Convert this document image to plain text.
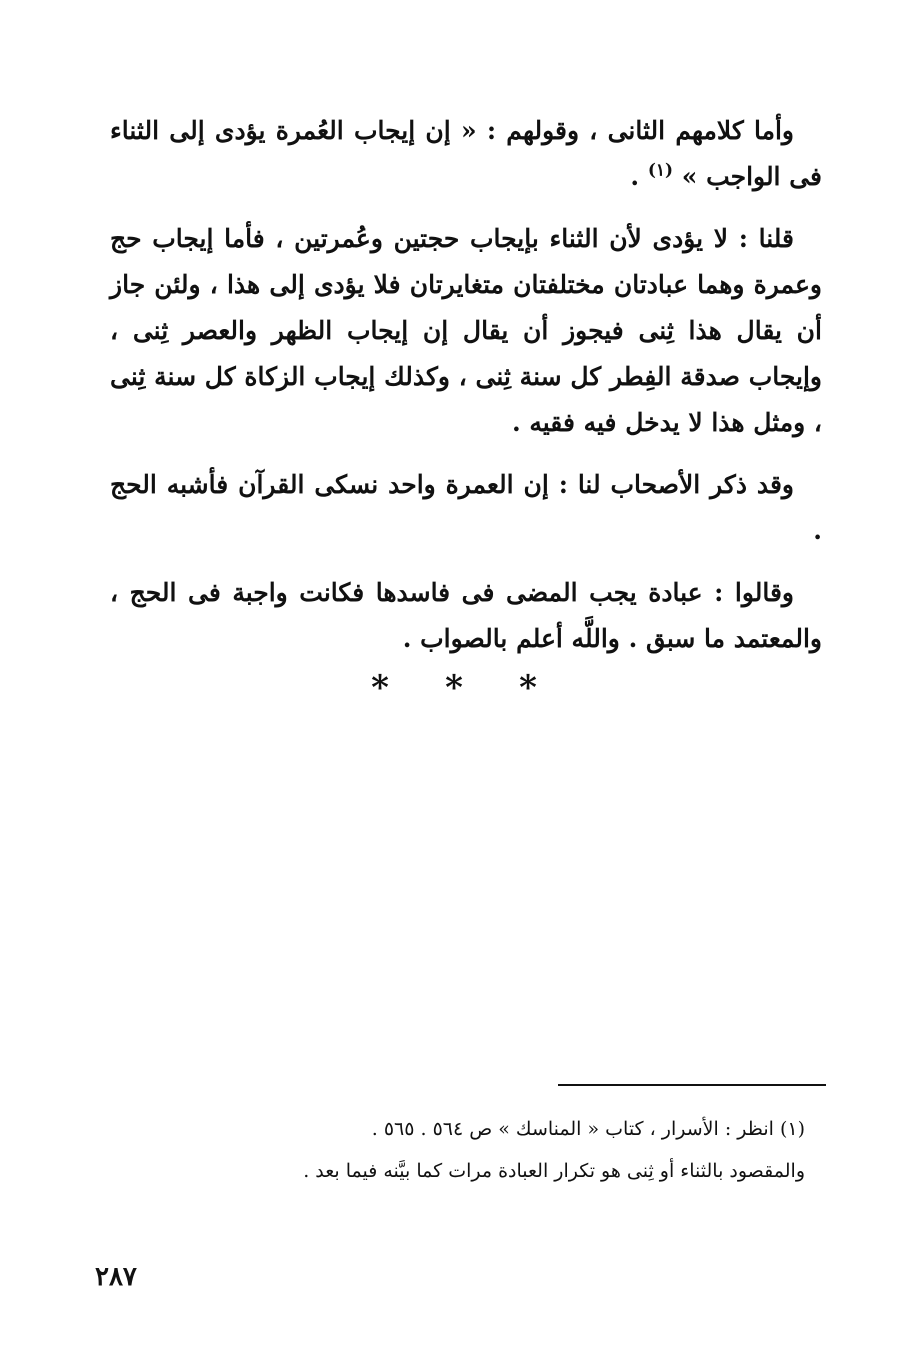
وأما كلامهم الثانى ، وقولهم : « إن إيجاب العُمرة يؤدى إلى الثناء فى الواجب » $^{(١)}$ .

قلنا : لا يؤدى لأن الثناء بإيجاب حجتين وعُمرتين ، فأما إيجاب حج وعمرة وهما عبادتان مختلفتان متغايرتان فلا يؤدى إلى هذا ، ولئن جاز أن يقال هذا ثِنى فيجوز أن يقال إن إيجاب الظهر والعصر ثِنى ، وإيجاب صدقة الفِطر كل سنة ثِنى ، وكذلك إيجاب الزكاة كل سنة ثِنى ، ومثل هذا لا يدخل فيه فقيه .

وقد ذكر الأصحاب لنا : إن العمرة واحد نسكى القرآن فأشبه الحج .

وقالوا : عبادة يجب المضى فى فاسدها فكانت واجبة فى الحج ، والمعتمد ما سبق . واللَّه أعلم بالصواب .

* * *

(١) انظر : الأسرار ، كتاب « المناسك » ص ٥٦٤ . ٥٦٥ .

والمقصود بالثناء أو ثِنى هو تكرار العبادة مرات كما بيَّنه فيما بعد .

٢٨٧
